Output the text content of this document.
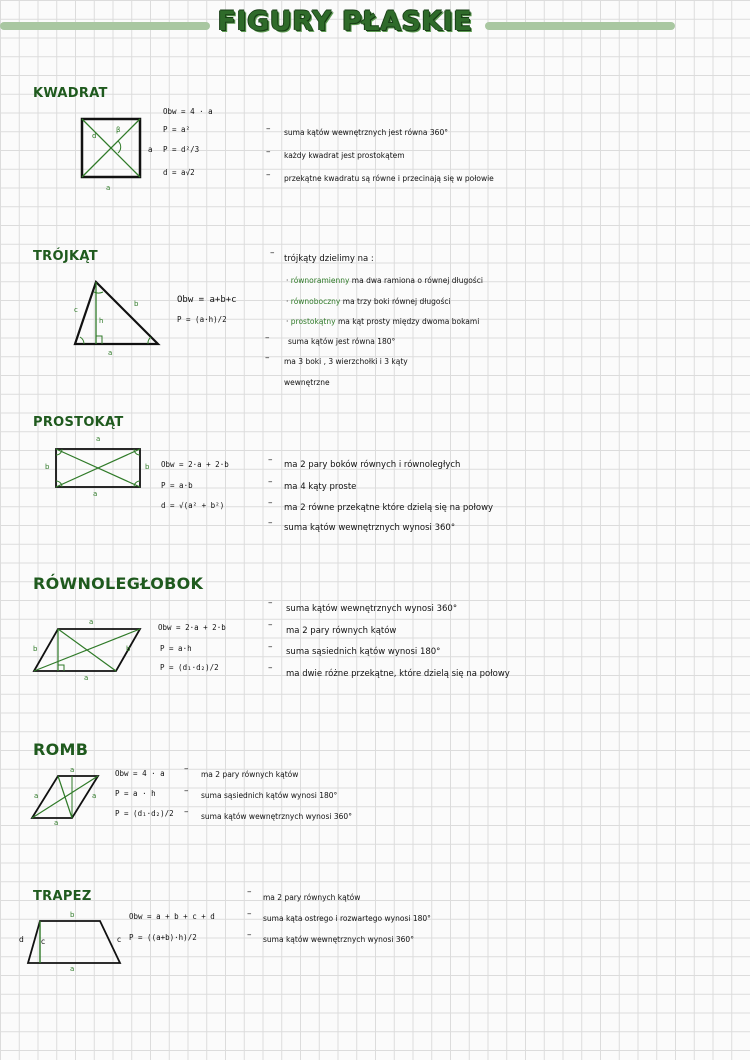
FIGURY PŁASKIE
KWADRAT
d
β
a
a
Obw = 4 · a
P = a²
P = d²/3
d = a√2
– suma kątów wewnętrznych jest równa 360°
– każdy kwadrat jest prostokątem
– przekątne kwadratu są równe i przecinają się w połowie
TRÓJKĄT
c
h
b
a
Obw = a+b+c
P = (a·h)/2
–
trójkąty dzielimy na :
· równoramienny ma dwa ramiona o równej długości
· równoboczny ma trzy boki równej długości
· prostokątny ma kąt prosty między dwoma bokami
– suma kątów jest równa 180°
– ma 3 boki , 3 wierzchołki i 3 kąty
wewnętrzne
PROSTOKĄT
a
a
b	b Obw = 2·a + 2·b
P = a·b
d = √(a² + b²)
– ma 2 pary boków równych i równoległych
– ma 4 kąty proste
– ma 2 równe przekątne które dzielą się na połowy
– suma kątów wewnętrznych wynosi 360°
RÓWNOLEGŁOBOK
a
a
b	b
Obw = 2·a + 2·b
P = a·h
P = (d₁·d₂)/2
–
suma kątów wewnętrznych wynosi 360°
–
ma 2 pary równych kątów
– suma sąsiednich kątów wynosi 180°
–
ma dwie różne przekątne, które dzielą się na połowy
ROMB
a
a
a	a
Obw = 4 · a
P = a · h
P = (d₁·d₂)/2
–
ma 2 pary równych kątów
– suma sąsiednich kątów wynosi 180°
– suma kątów wewnętrznych wynosi 360°
TRAPEZ
b
a
d c	c
Obw = a + b + c + d
P = ((a+b)·h)/2
–
ma 2 pary równych kątów
– suma kąta ostrego i rozwartego wynosi 180°
– suma kątów wewnętrznych wynosi 360°
